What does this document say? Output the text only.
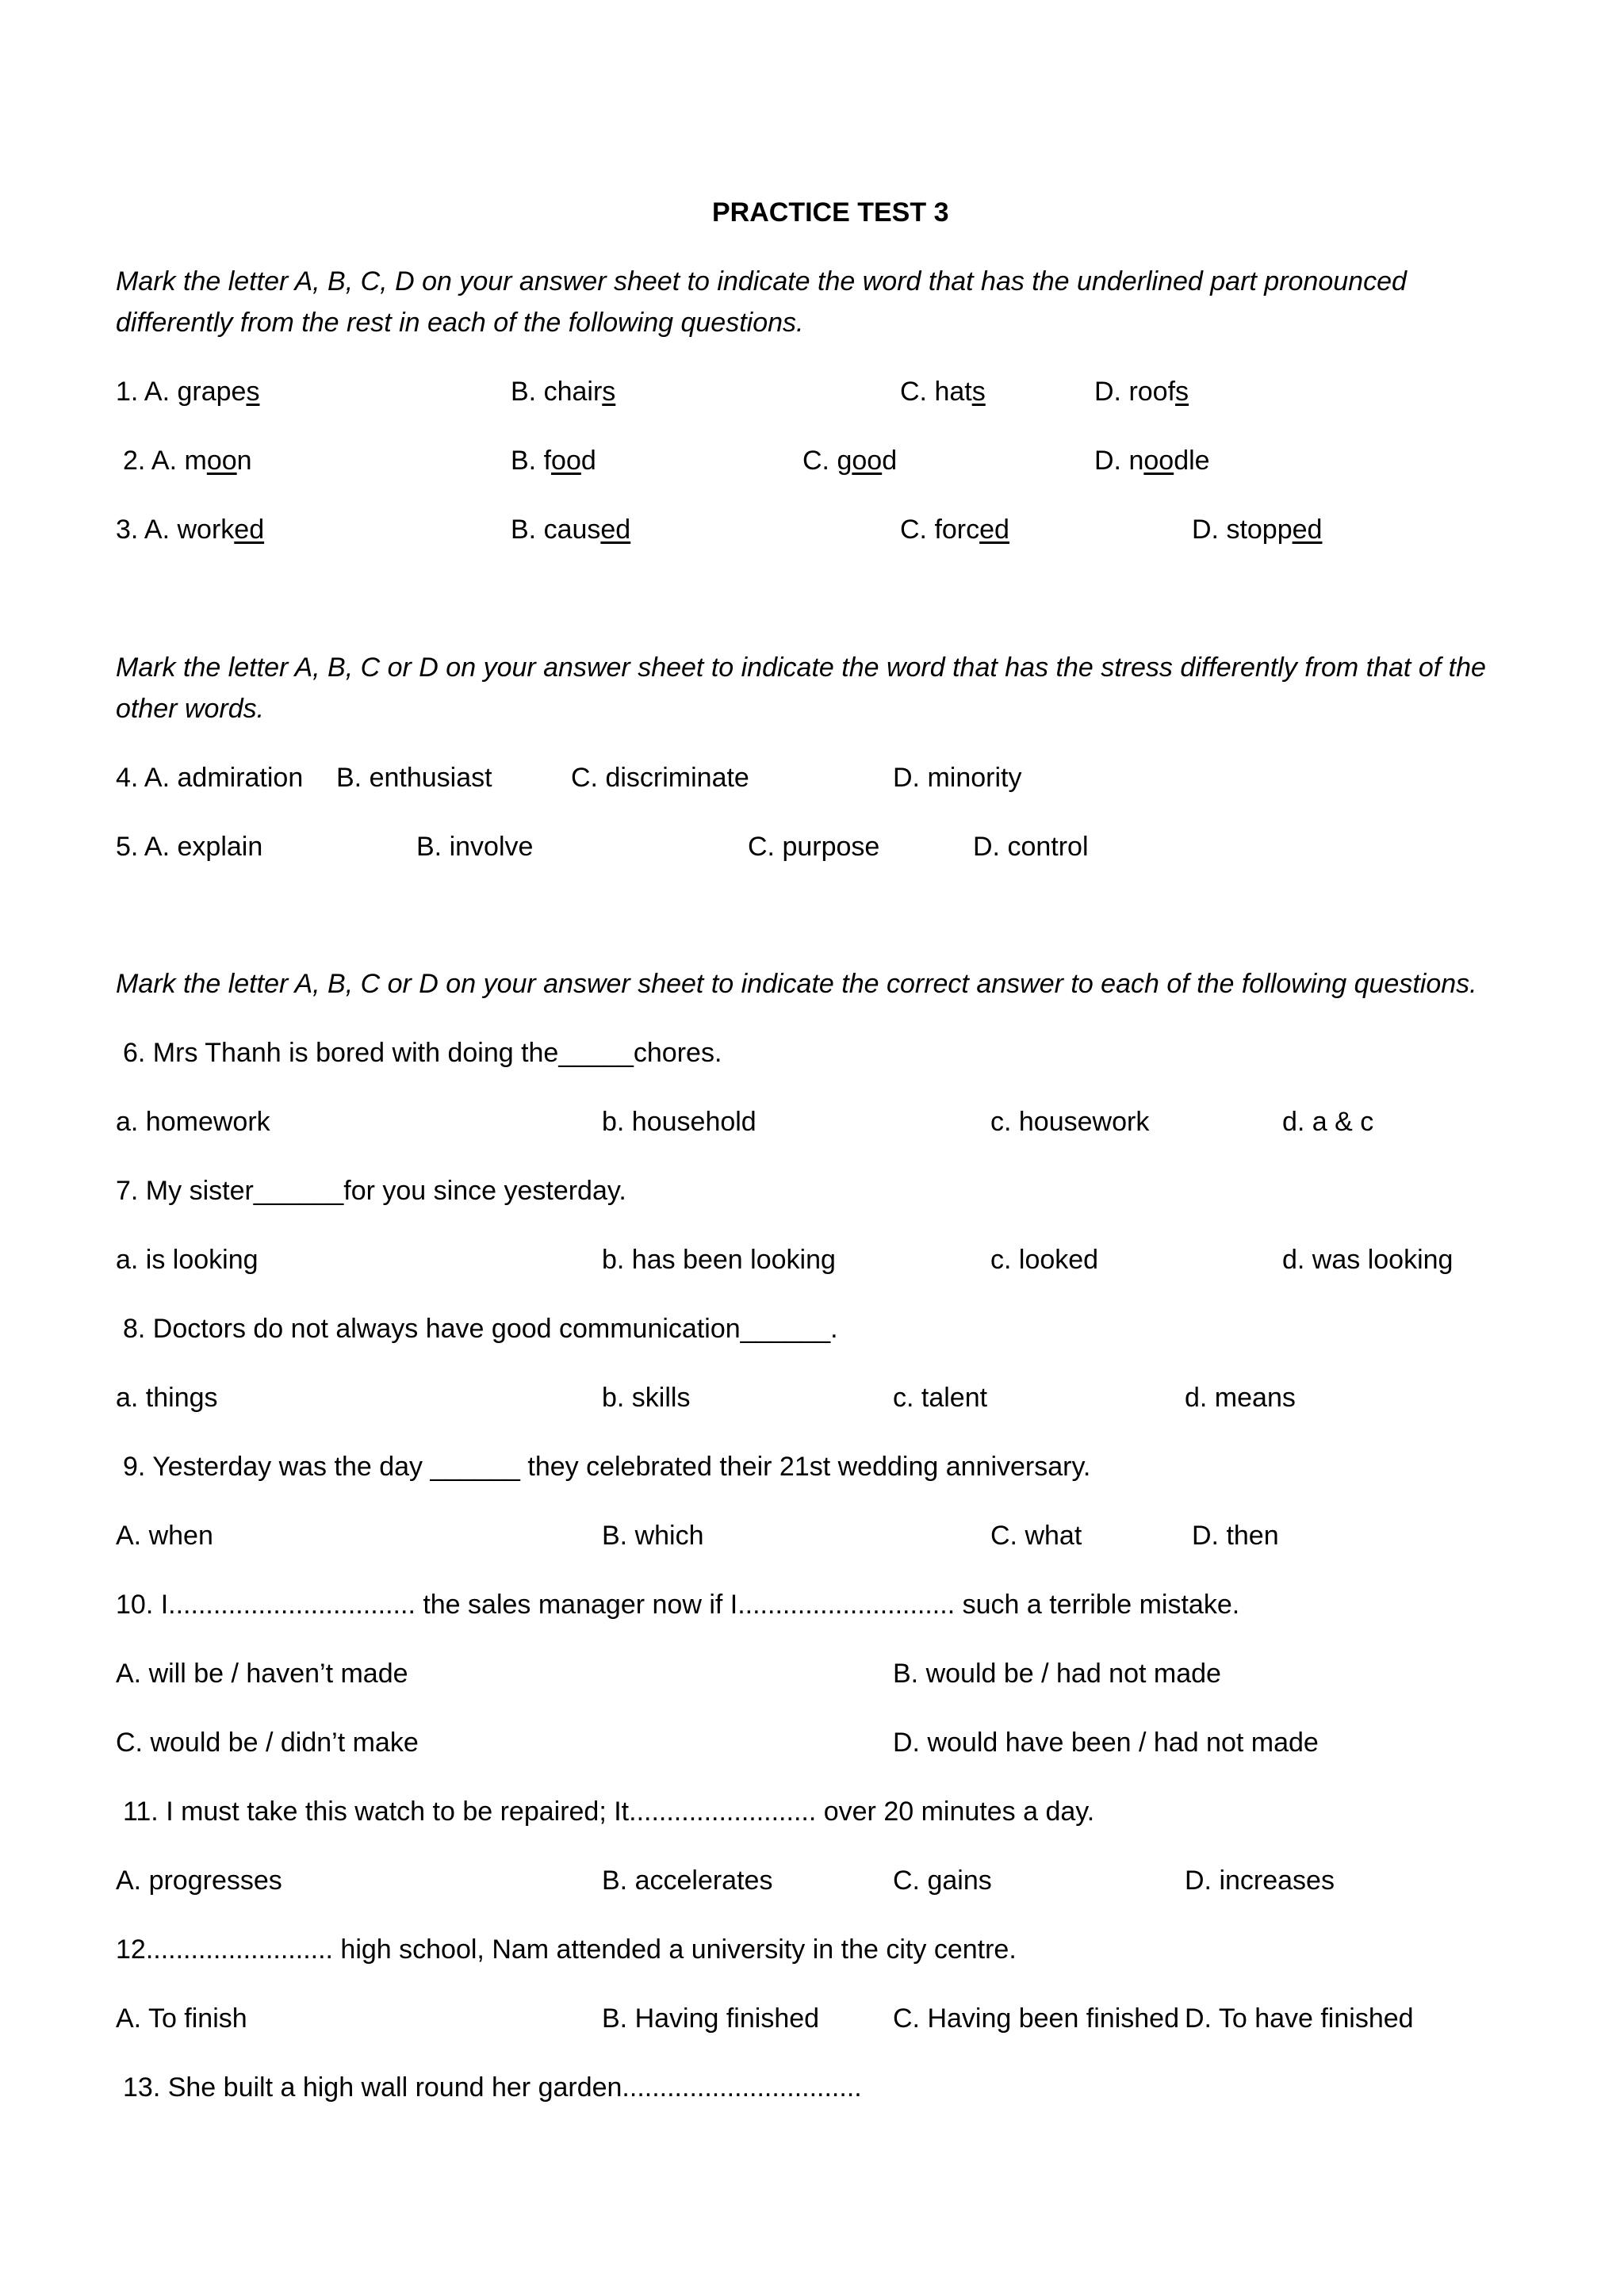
PRACTICE TEST 3
Mark the letter A, B, C, D on your answer sheet to indicate the word that has the underlined part pronounced
differently from the rest in each of the following questions.
1. A. grapes	B. chairs	C. hats	D. roofs
2. A. moon	B. food	C. good	D. noodle
3. A. worked	B. caused	C. forced	D. stopped
Mark the letter A, B, C or D on your answer sheet to indicate the word that has the stress differently from that of the
other words.
4. A. admiration B. enthusiast	C. discriminate	D. minority
5. A. explain	B. involve	C. purpose	D. control
Mark the letter A, B, C or D on your answer sheet to indicate the correct answer to each of the following questions.
6. Mrs Thanh is bored with doing the_____chores.
a. homework	b. household	c. housework	d. a & c
7. My sister______for you since yesterday.
a. is looking	b. has been looking	c. looked	d. was looking
8. Doctors do not always have good communication______.
a. things	b. skills	c. talent	d. means
9. Yesterday was the day ______ they celebrated their 21st wedding anniversary.
A. when	B. which	C. what	D. then
10. I................................. the sales manager now if I............................. such a terrible mistake.
A. will be / haven’t made	B. would be / had not made
C. would be / didn’t make	D. would have been / had not made
11. I must take this watch to be repaired; It......................... over 20 minutes a day.
A. progresses	B. accelerates	C. gains	D. increases
12......................... high school, Nam attended a university in the city centre.
A. To finish	B. Having finished	C. Having been finished D. To have finished
13. She built a high wall round her garden................................
